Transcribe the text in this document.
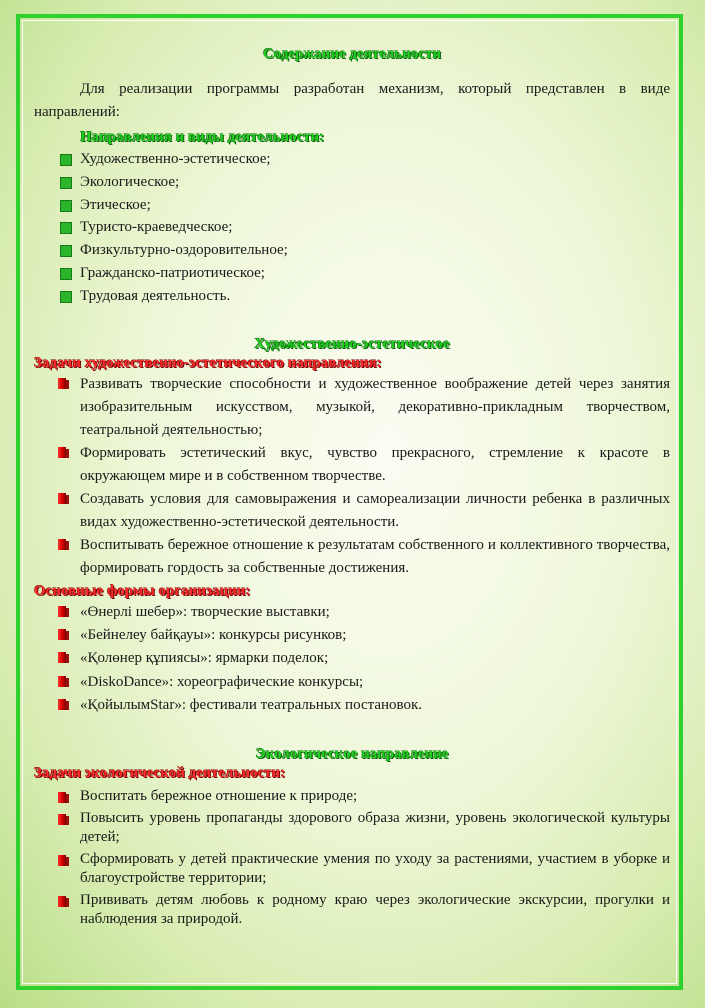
Содержание деятельности

Для реализации программы разработан механизм, который представлен в виде направлений:

Направления и виды деятельности:
Художественно-эстетическое;
Экологическое;
Этическое;
Туристо-краеведческое;
Физкультурно-оздоровительное;
Гражданско-патриотическое;
Трудовая деятельность.
Художественно-эстетическое
Задачи художественно-эстетического направления:
Развивать творческие способности и художественное воображение детей через занятия изобразительным искусством, музыкой, декоративно-прикладным творчеством, театральной деятельностью;
Формировать эстетический вкус, чувство прекрасного, стремление к красоте в окружающем мире и в собственном творчестве.
Создавать условия для самовыражения и самореализации личности ребенка в различных видах художественно-эстетической деятельности.
Воспитывать бережное отношение к результатам собственного и коллективного творчества, формировать гордость за собственные достижения.
Основные формы организации:
«Өнерлі шебер»: творческие выставки;
«Бейнелеу байқауы»: конкурсы рисунков;
«Қолөнер құпиясы»: ярмарки поделок;
«DiskoDance»: хореографические конкурсы;
«ҚойылымStar»: фестивали театральных постановок.
Экологическое направление
Задачи экологической деятельности:
Воспитать бережное отношение к природе;
Повысить уровень пропаганды здорового образа жизни, уровень экологической культуры детей;
Сформировать у детей практические умения по уходу за растениями, участием в уборке и благоустройстве территории;
Прививать детям любовь к родному краю через экологические экскурсии, прогулки и наблюдения за природой.
